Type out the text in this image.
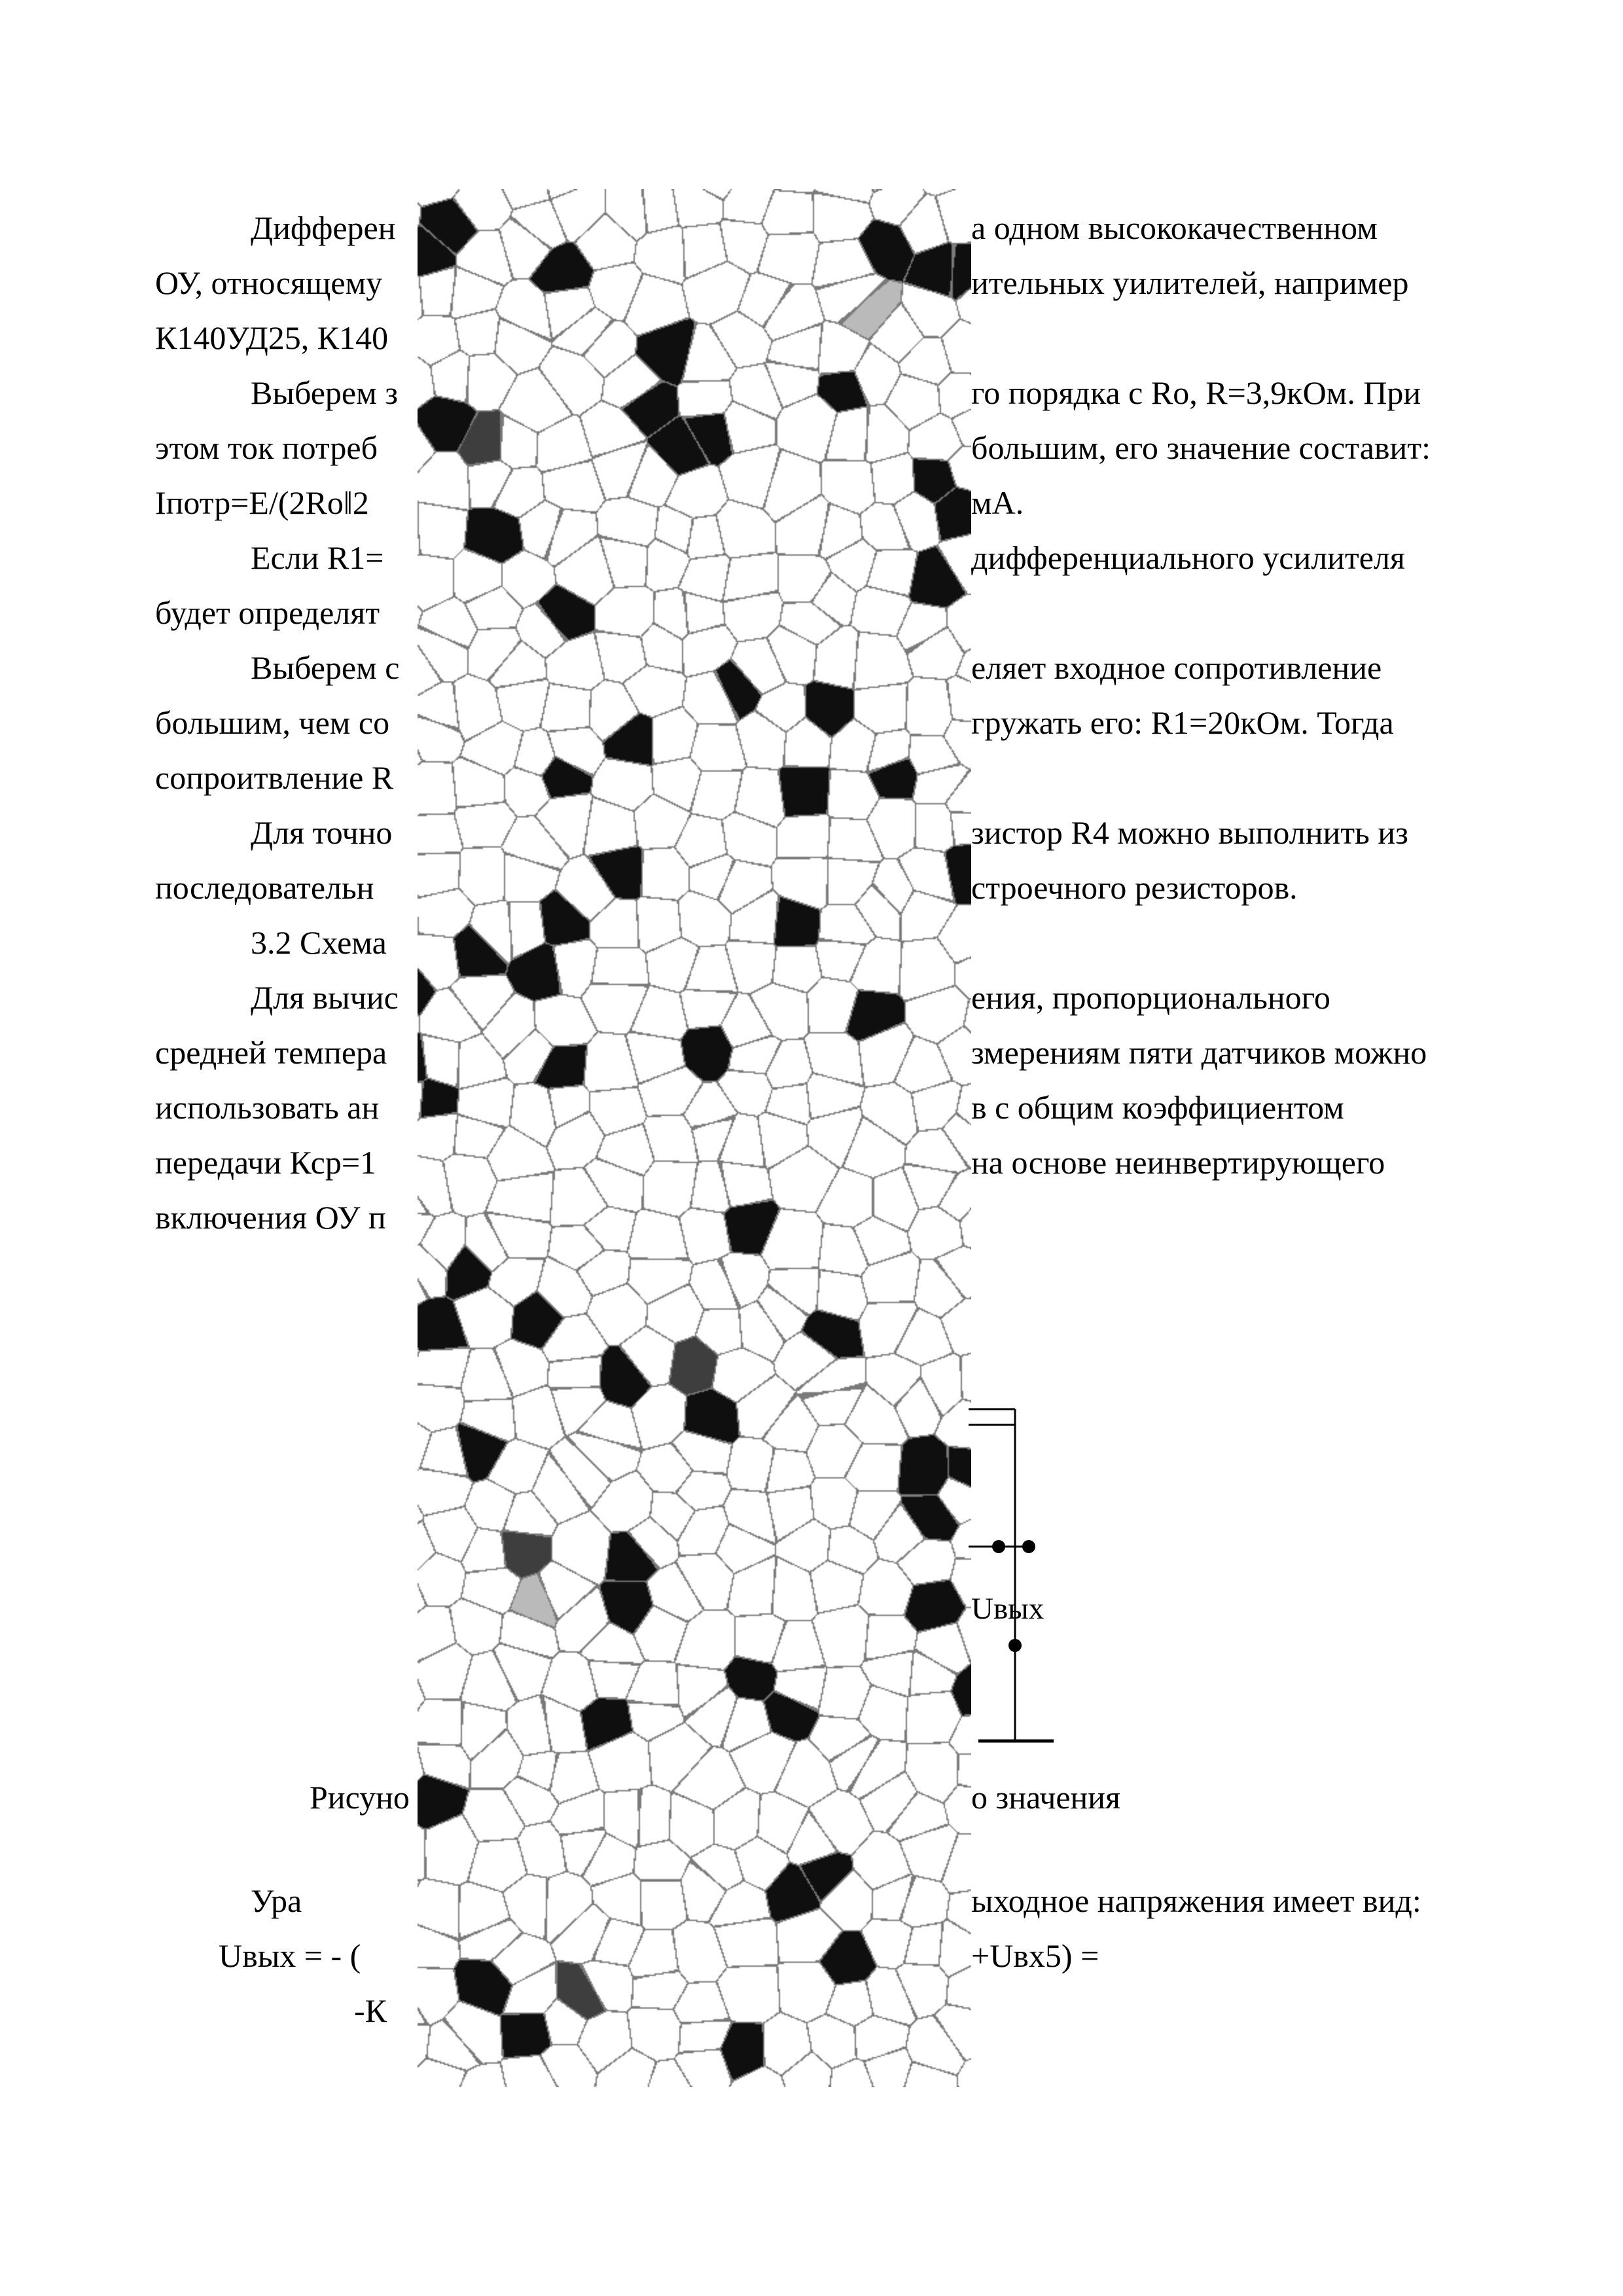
Дифферен	а одном высококачественном
ОУ, относящему	ительных уилителей, например
К140УД25, К140
Выберем з	го порядка с Ro, R=3,9кОм. При
этом ток потреб	большим, его значение составит:
Iпотр=Е/(2Rо‖2	мА.
Если R1=	дифференциального усилителя
будет определят
Выберем с	еляет входное сопротивление
большим, чем со	гружать его: R1=20кОм. Тогда
сопроитвление R
Для точно	зистор R4 можно выполнить из
последовательн	строечного резисторов.
3.2 Схема
Для вычис	ения, пропорционального
средней темпера	змерениям пяти датчиков можно
использовать ан	в с общим коэффициентом
передачи Кср=1	на основе неинвертирующего
включения ОУ п
Рисуно	о значения
Ура	ыходное напряжения имеет вид:
Uвых = - (	+Uвх5) =
-К
Uвых
